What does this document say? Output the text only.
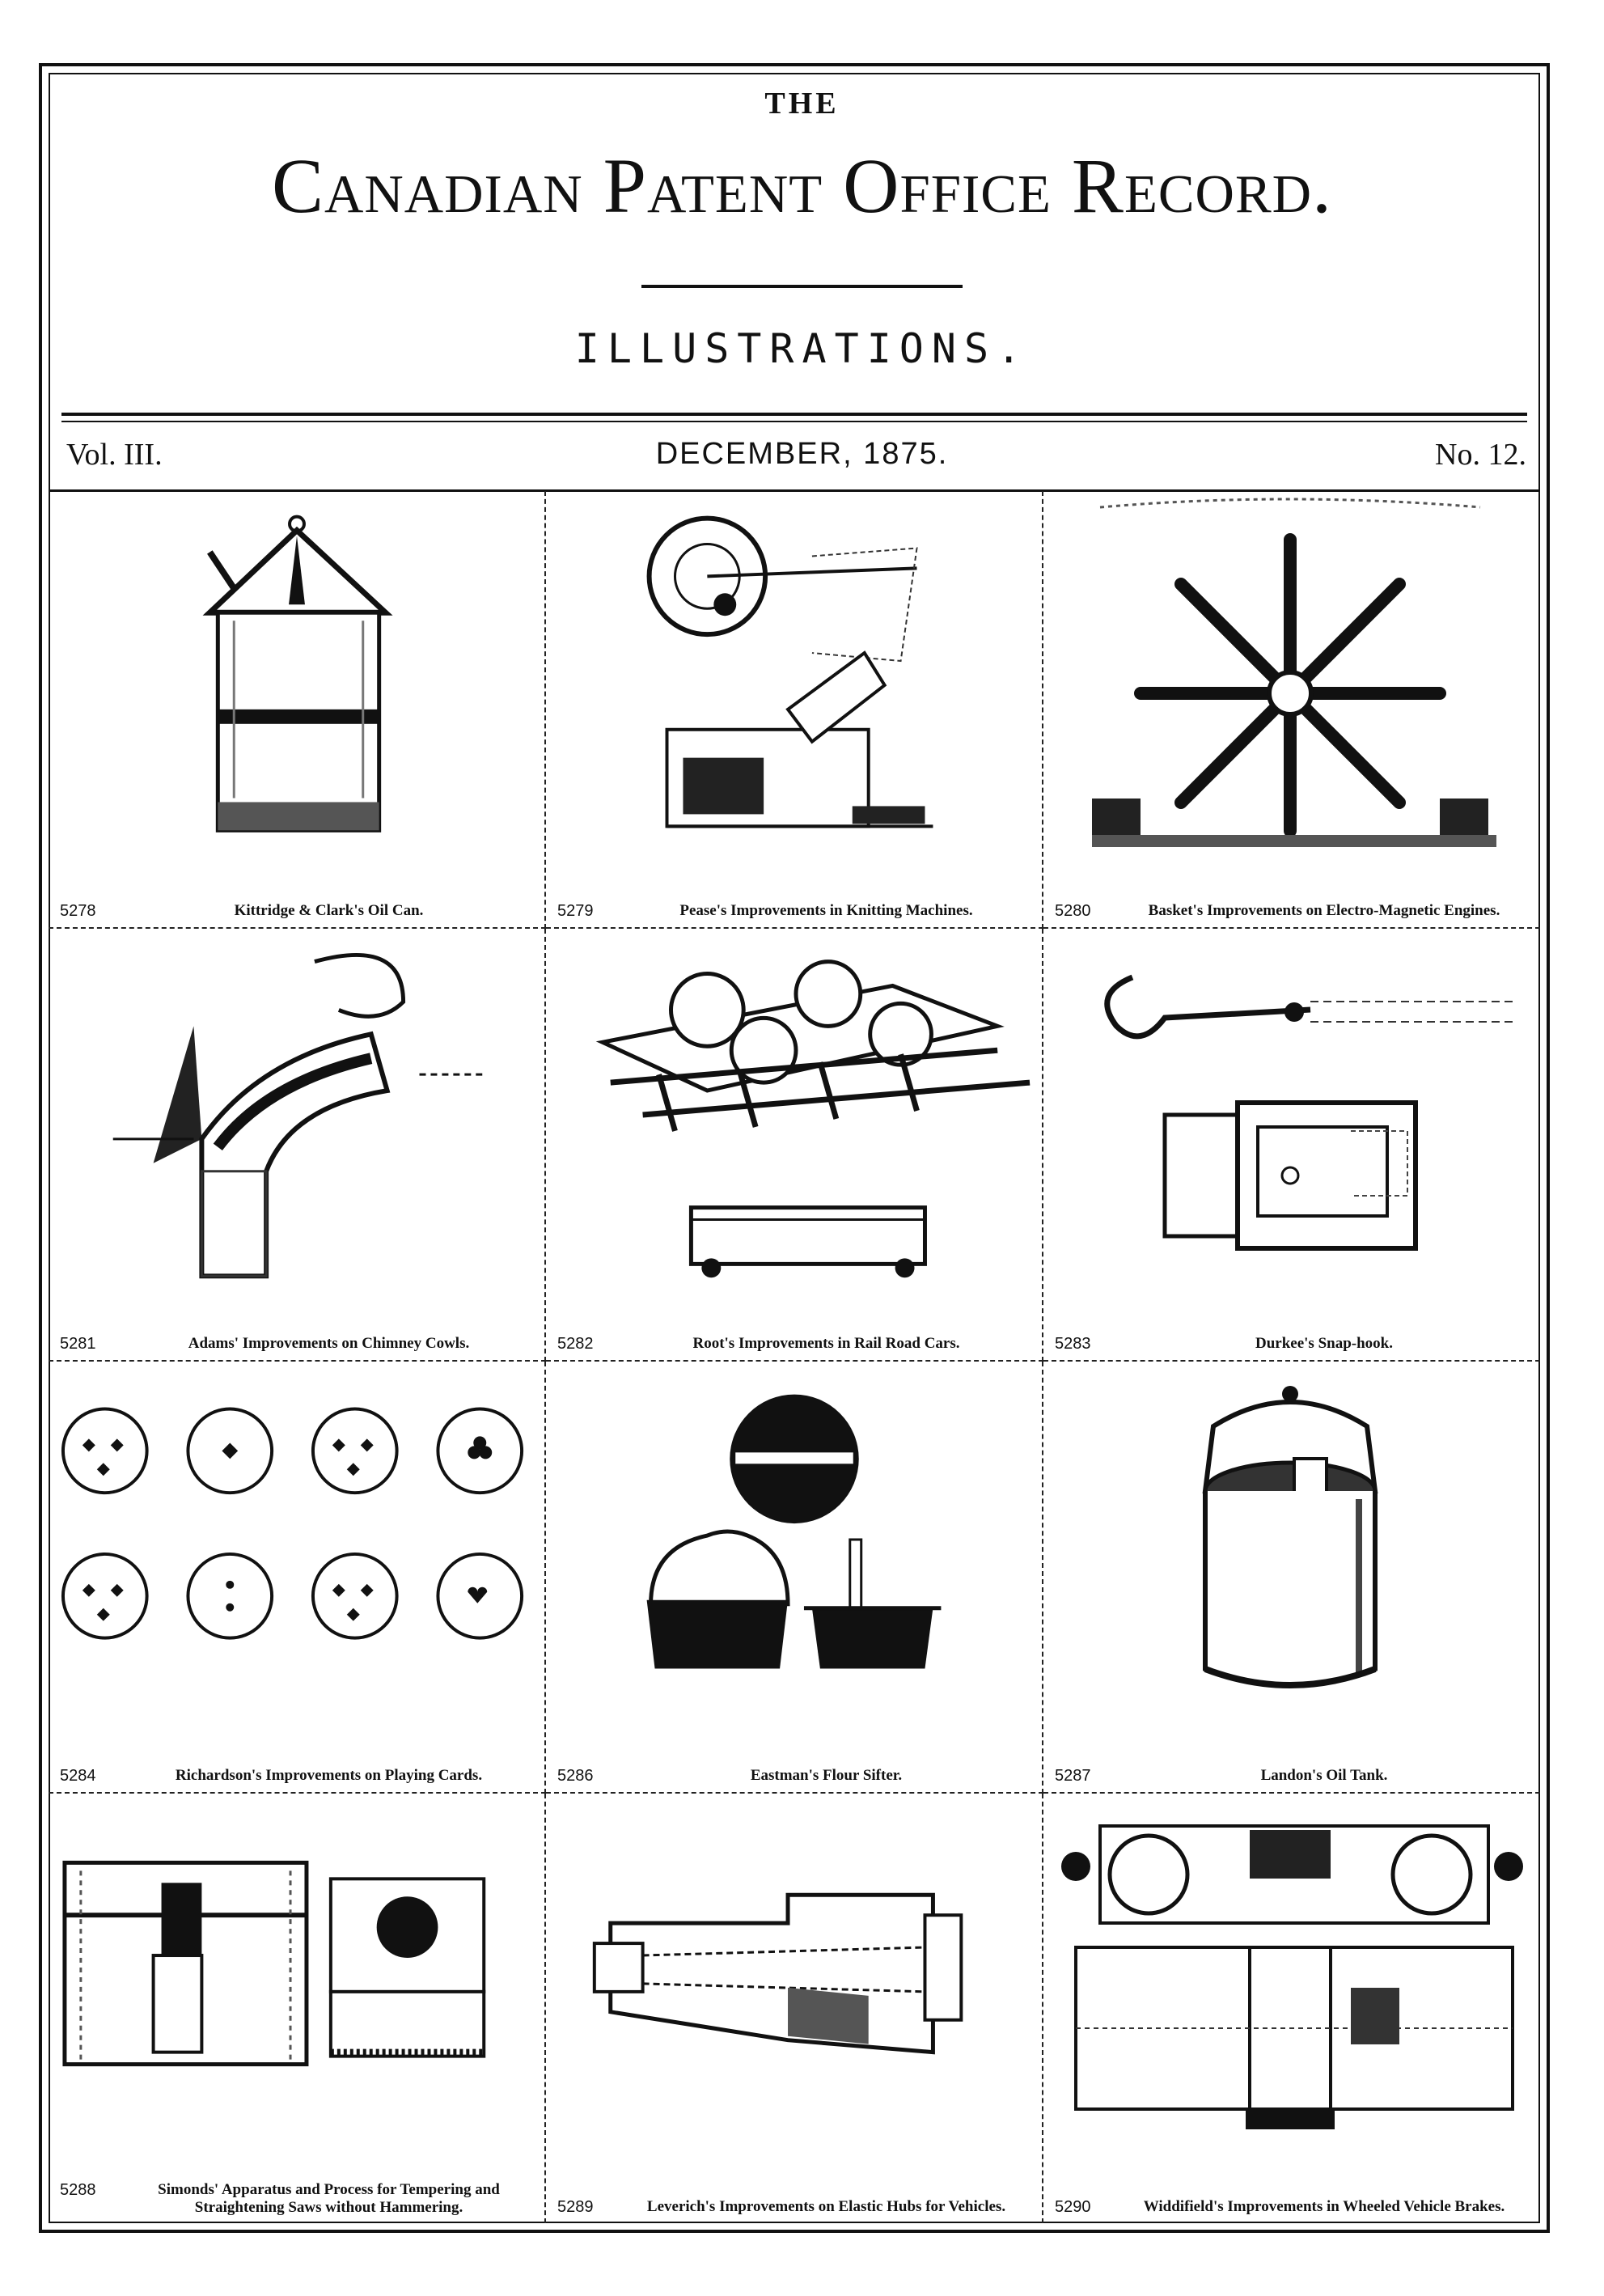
THE
Canadian Patent Office Record.
ILLUSTRATIONS.
Vol. III.	DECEMBER, 1875.	No. 12.
5278	Kittridge & Clark's Oil Can.	5279	Pease's Improvements in Knitting Machines.	5280	Basket's Improvements on Electro-Magnetic Engines.
5281	Adams' Improvements on Chimney Cowls.	5282	Root's Improvements in Rail Road Cars.	5283	Durkee's Snap-hook.
5284	Richardson's Improvements on Playing Cards.	5286	Eastman's Flour Sifter.	5287	Landon's Oil Tank.
5288	Simonds' Apparatus and Process for Tempering and Straightening Saws without Hammering.	5289	Leverich's Improvements on Elastic Hubs for Vehicles.	5290	Widdifield's Improvements in Wheeled Vehicle Brakes.
